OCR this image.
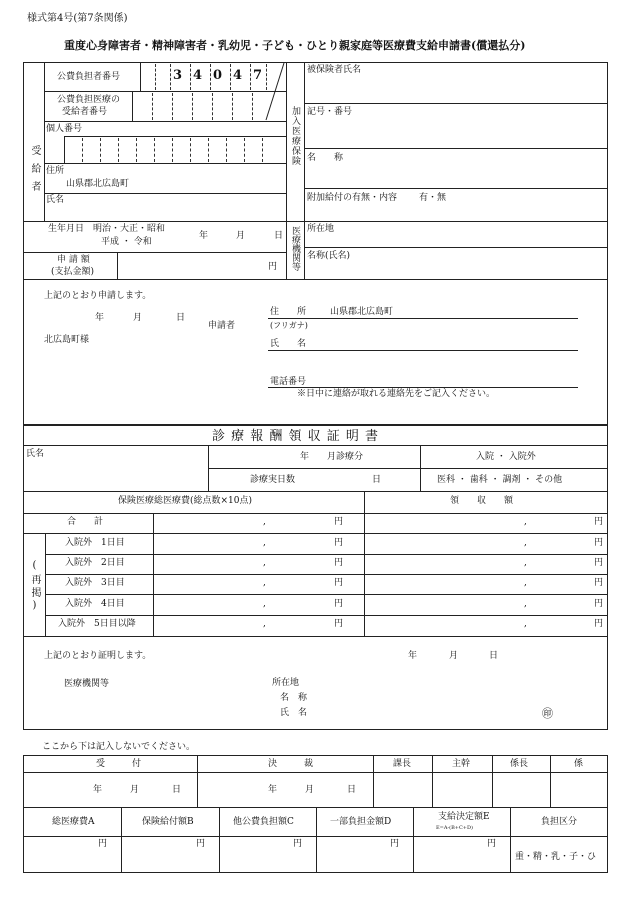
様式第4号(第7条関係)
重度心身障害者・精神障害者・乳幼児・子ども・ひとり親家庭等医療費支給申請書(償還払分)
公費負担者番号	3 4 0 4 7
公費負担医療の
受給者番号
個人番号
住所
山県郡北広島町
氏名
受給者
生年月日 明治・大正・昭和
平成 ・ 令和
年	月	日
申 請 額
(支払金額)	円
加入医療保険
被保険者氏名
記号・番号
名　　称
附加給付の有無・内容 有・無
医療機関等 所在地
名称(氏名)
上記のとおり申請します。
年	月	日
申請者
住　　所	山県郡北広島町
(フリガナ)
氏　　名
北広島町様
電話番号
※日中に連絡が取れる連絡先をご記入ください。
診 療 報 酬 領 収 証 明 書
氏名	年　　月診療分	入院 ・ 入院外
診療実日数	日	医科 ・ 歯科 ・ 調剤 ・ その他
保険医療総医療費(総点数×10点)	領　　収　　額
合　　計	,	円	,	円
(再掲)
入院外　1日目	,	円	,	円
入院外　2日目	,	円	,	円
入院外　3日目	,	円	,	円
入院外　4日目	,	円	,	円
入院外　5日目以降	,	円	,	円
上記のとおり証明します。	年	月	日
医療機関等	所在地
名　称
氏　名	㊞
ここから下は記入しないでください。
受　　　付	決　　　裁	課長	主幹	係長	係
年	月	日	年	月	日
総医療費A	保険給付額B	他公費負担額C	一部負担金額D	支給決定額E
E=A-(B+C+D)
負担区分
円	円	円	円	円
重・精・乳・子・ひ
